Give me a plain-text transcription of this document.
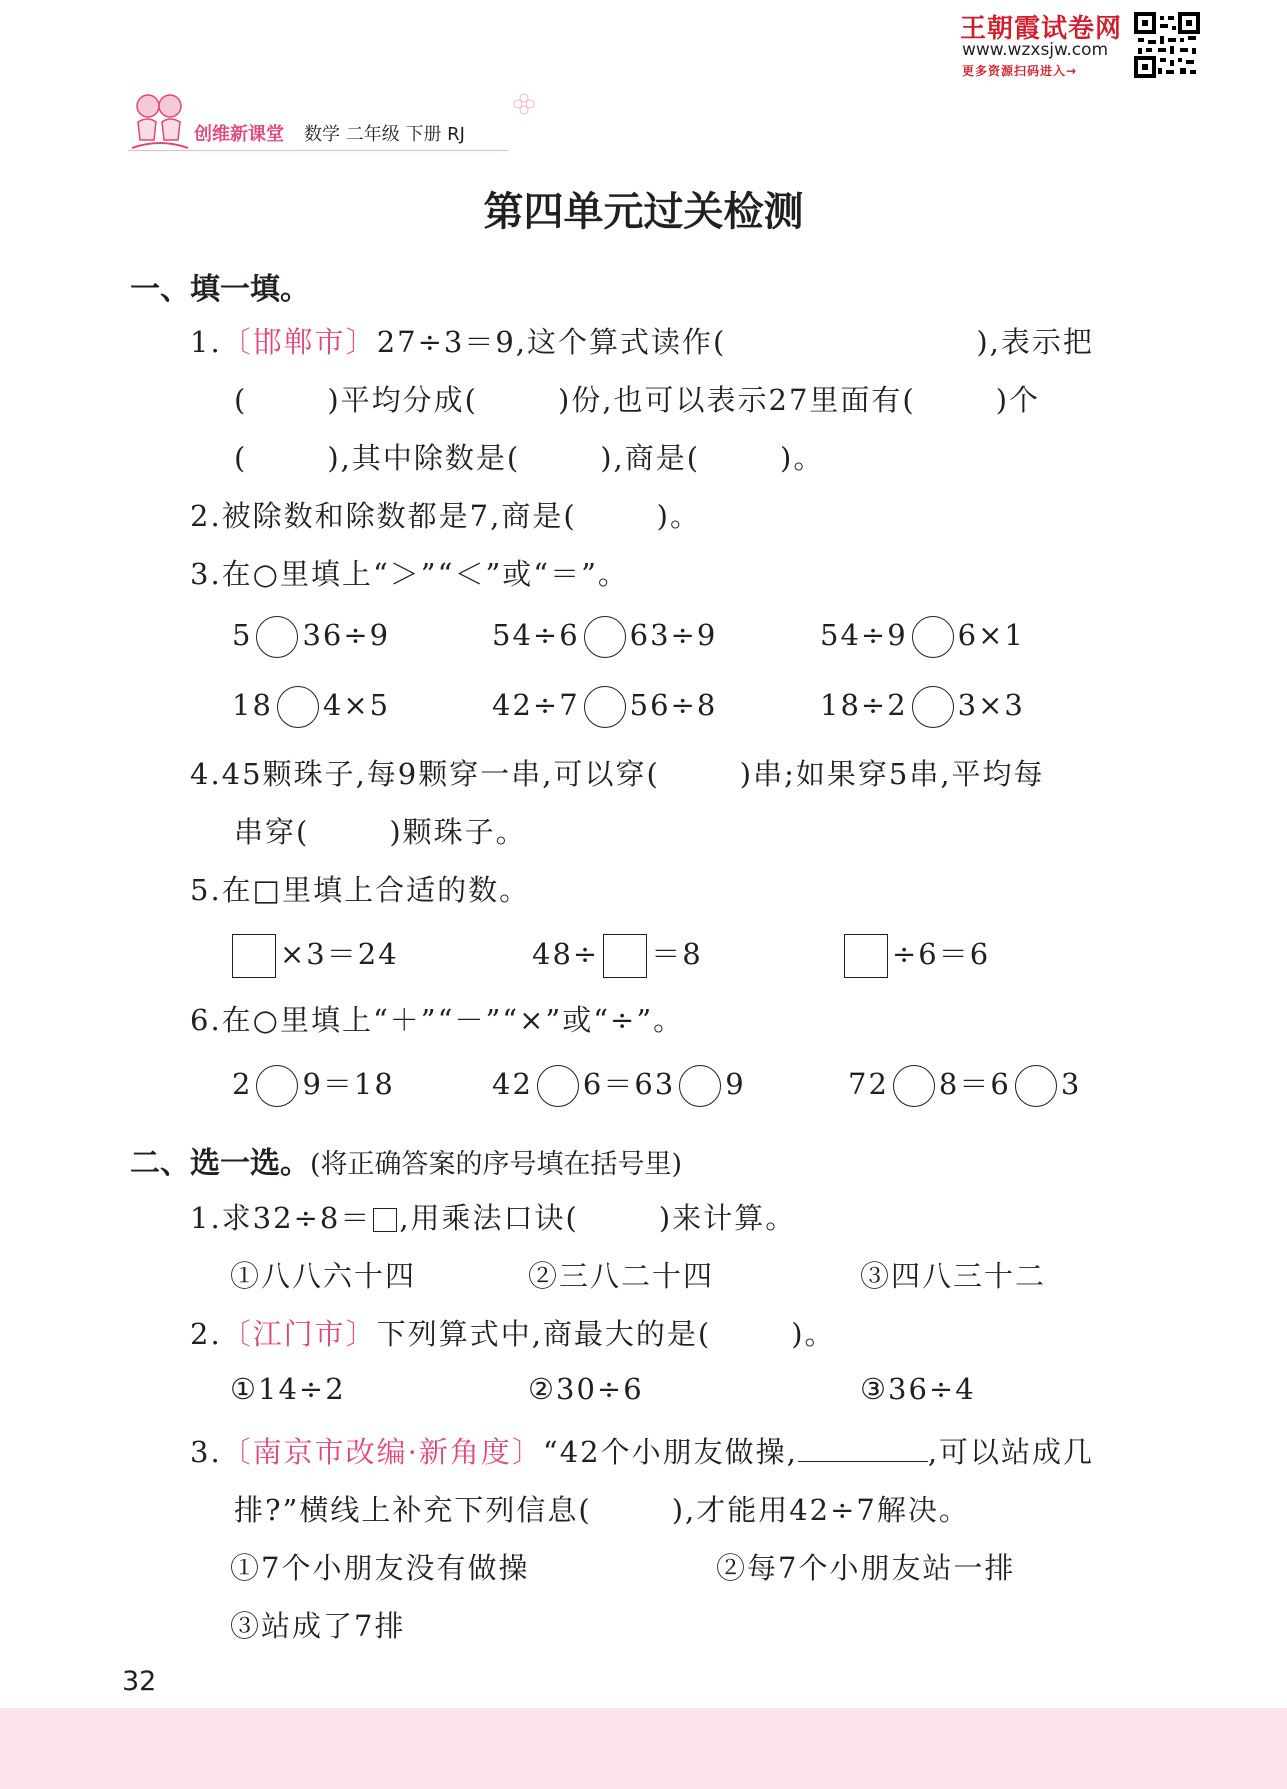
王朝霞试卷网
www.wzxsjw.com
更多资源扫码进入→
创维新课堂 数学 二年级 下册 RJ
第四单元过关检测
一、填一填。
1.〔邯郸市〕27÷3＝9,这个算式读作(	),表示把
(	)平均分成(	)份,也可以表示27里面有(	)个
(	),其中除数是(	),商是(	)。
2.被除数和除数都是7,商是(	)。
3.在○里填上“＞”“＜”或“＝”。
5 36÷9	54÷6 63÷9	54÷9 6×1
18 4×5	42÷7 56÷8	18÷2 3×3
4.45颗珠子,每9颗穿一串,可以穿(	)串;如果穿5串,平均每
串穿(	)颗珠子。
5.在□里填上合适的数。
×3＝24	48÷ ＝8	÷6＝6
6.在○里填上“＋”“－”“×”或“÷”。
2 9＝18	42 6＝63 9	72 8＝6 3
二、选一选。(将正确答案的序号填在括号里)
1.求32÷8＝ ,用乘法口诀(	)来计算。
①八八六十四	②三八二十四	③四八三十二
2.〔江门市〕下列算式中,商最大的是(	)。
①14÷2	②30÷6	③36÷4
3.〔南京市改编·新角度〕“42个小朋友做操,	,可以站成几
排?”横线上补充下列信息(	),才能用42÷7解决。
①7个小朋友没有做操	②每7个小朋友站一排
③站成了7排
32
